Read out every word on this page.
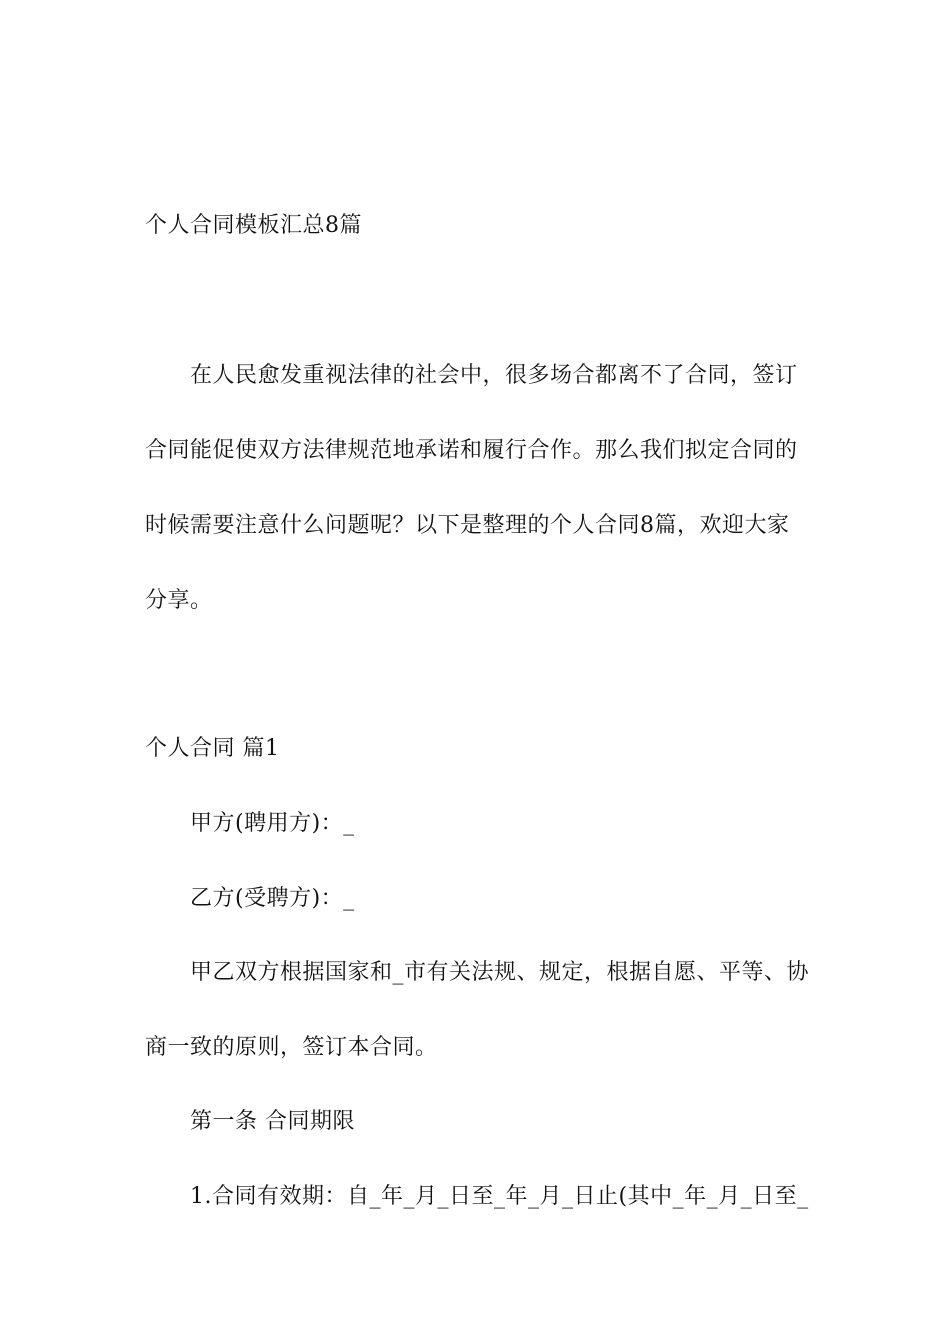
个人合同模板汇总8篇
在人民愈发重视法律的社会中，很多场合都离不了合同，签订
合同能促使双方法律规范地承诺和履行合作。那么我们拟定合同的
时候需要注意什么问题呢？以下是整理的个人合同8篇，欢迎大家
分享。
个人合同 篇1
甲方(聘用方)：_
乙方(受聘方)：_
甲乙双方根据国家和_市有关法规、规定，根据自愿、平等、协
商一致的原则，签订本合同。
第一条 合同期限
1.合同有效期：自_年_月_日至_年_月_日止(其中_年_月_日至_
